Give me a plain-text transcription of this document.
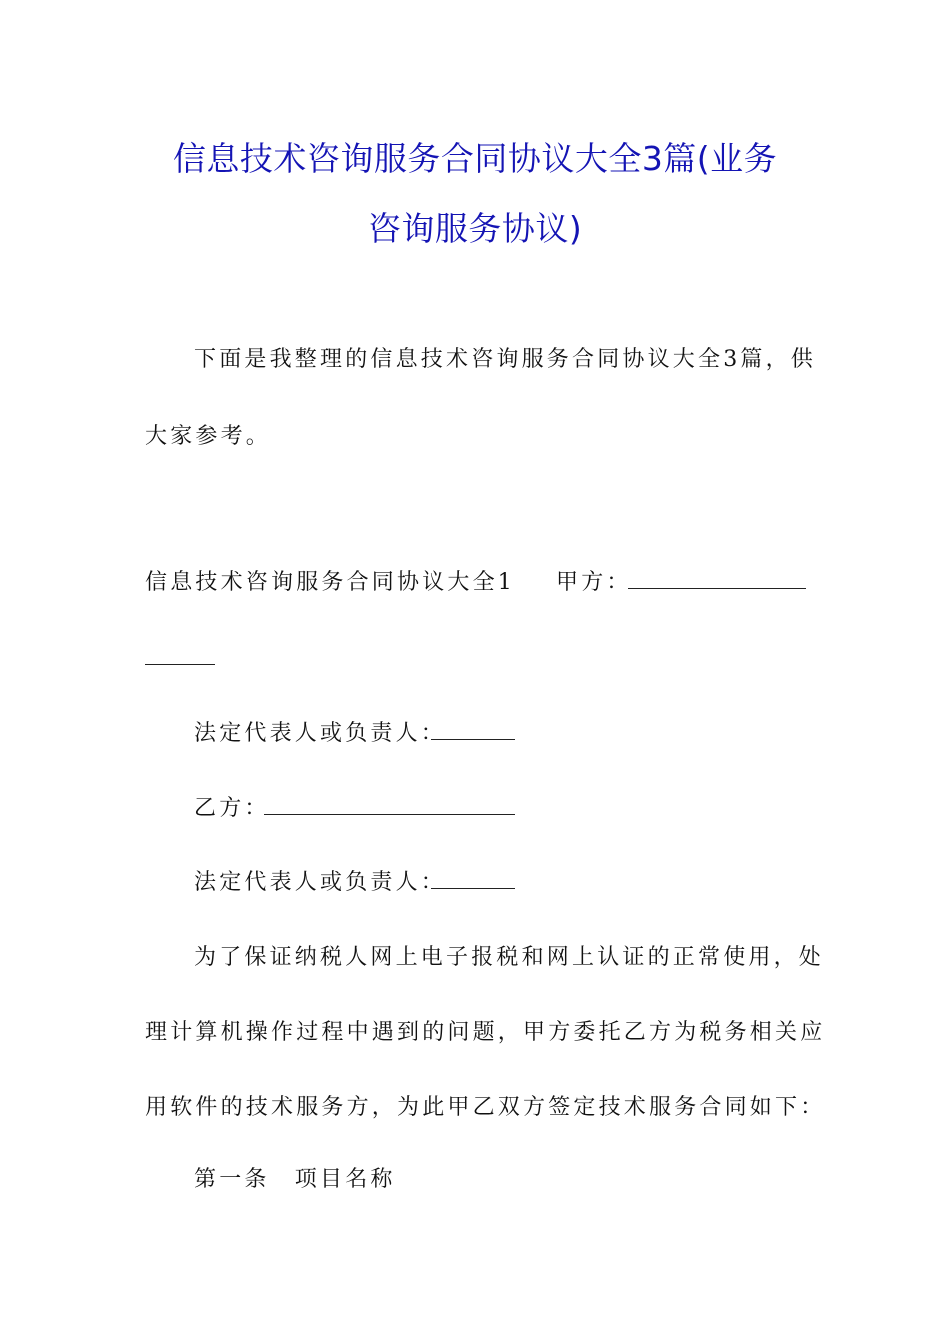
信息技术咨询服务合同协议大全3篇(业务
咨询服务协议)
下面是我整理的信息技术咨询服务合同协议大全3篇，供
大家参考。
信息技术咨询服务合同协议大全1 甲方：
法定代表人或负责人：
乙方：
法定代表人或负责人：
为了保证纳税人网上电子报税和网上认证的正常使用，处
理计算机操作过程中遇到的问题，甲方委托乙方为税务相关应
用软件的技术服务方，为此甲乙双方签定技术服务合同如下：
第一条　项目名称
